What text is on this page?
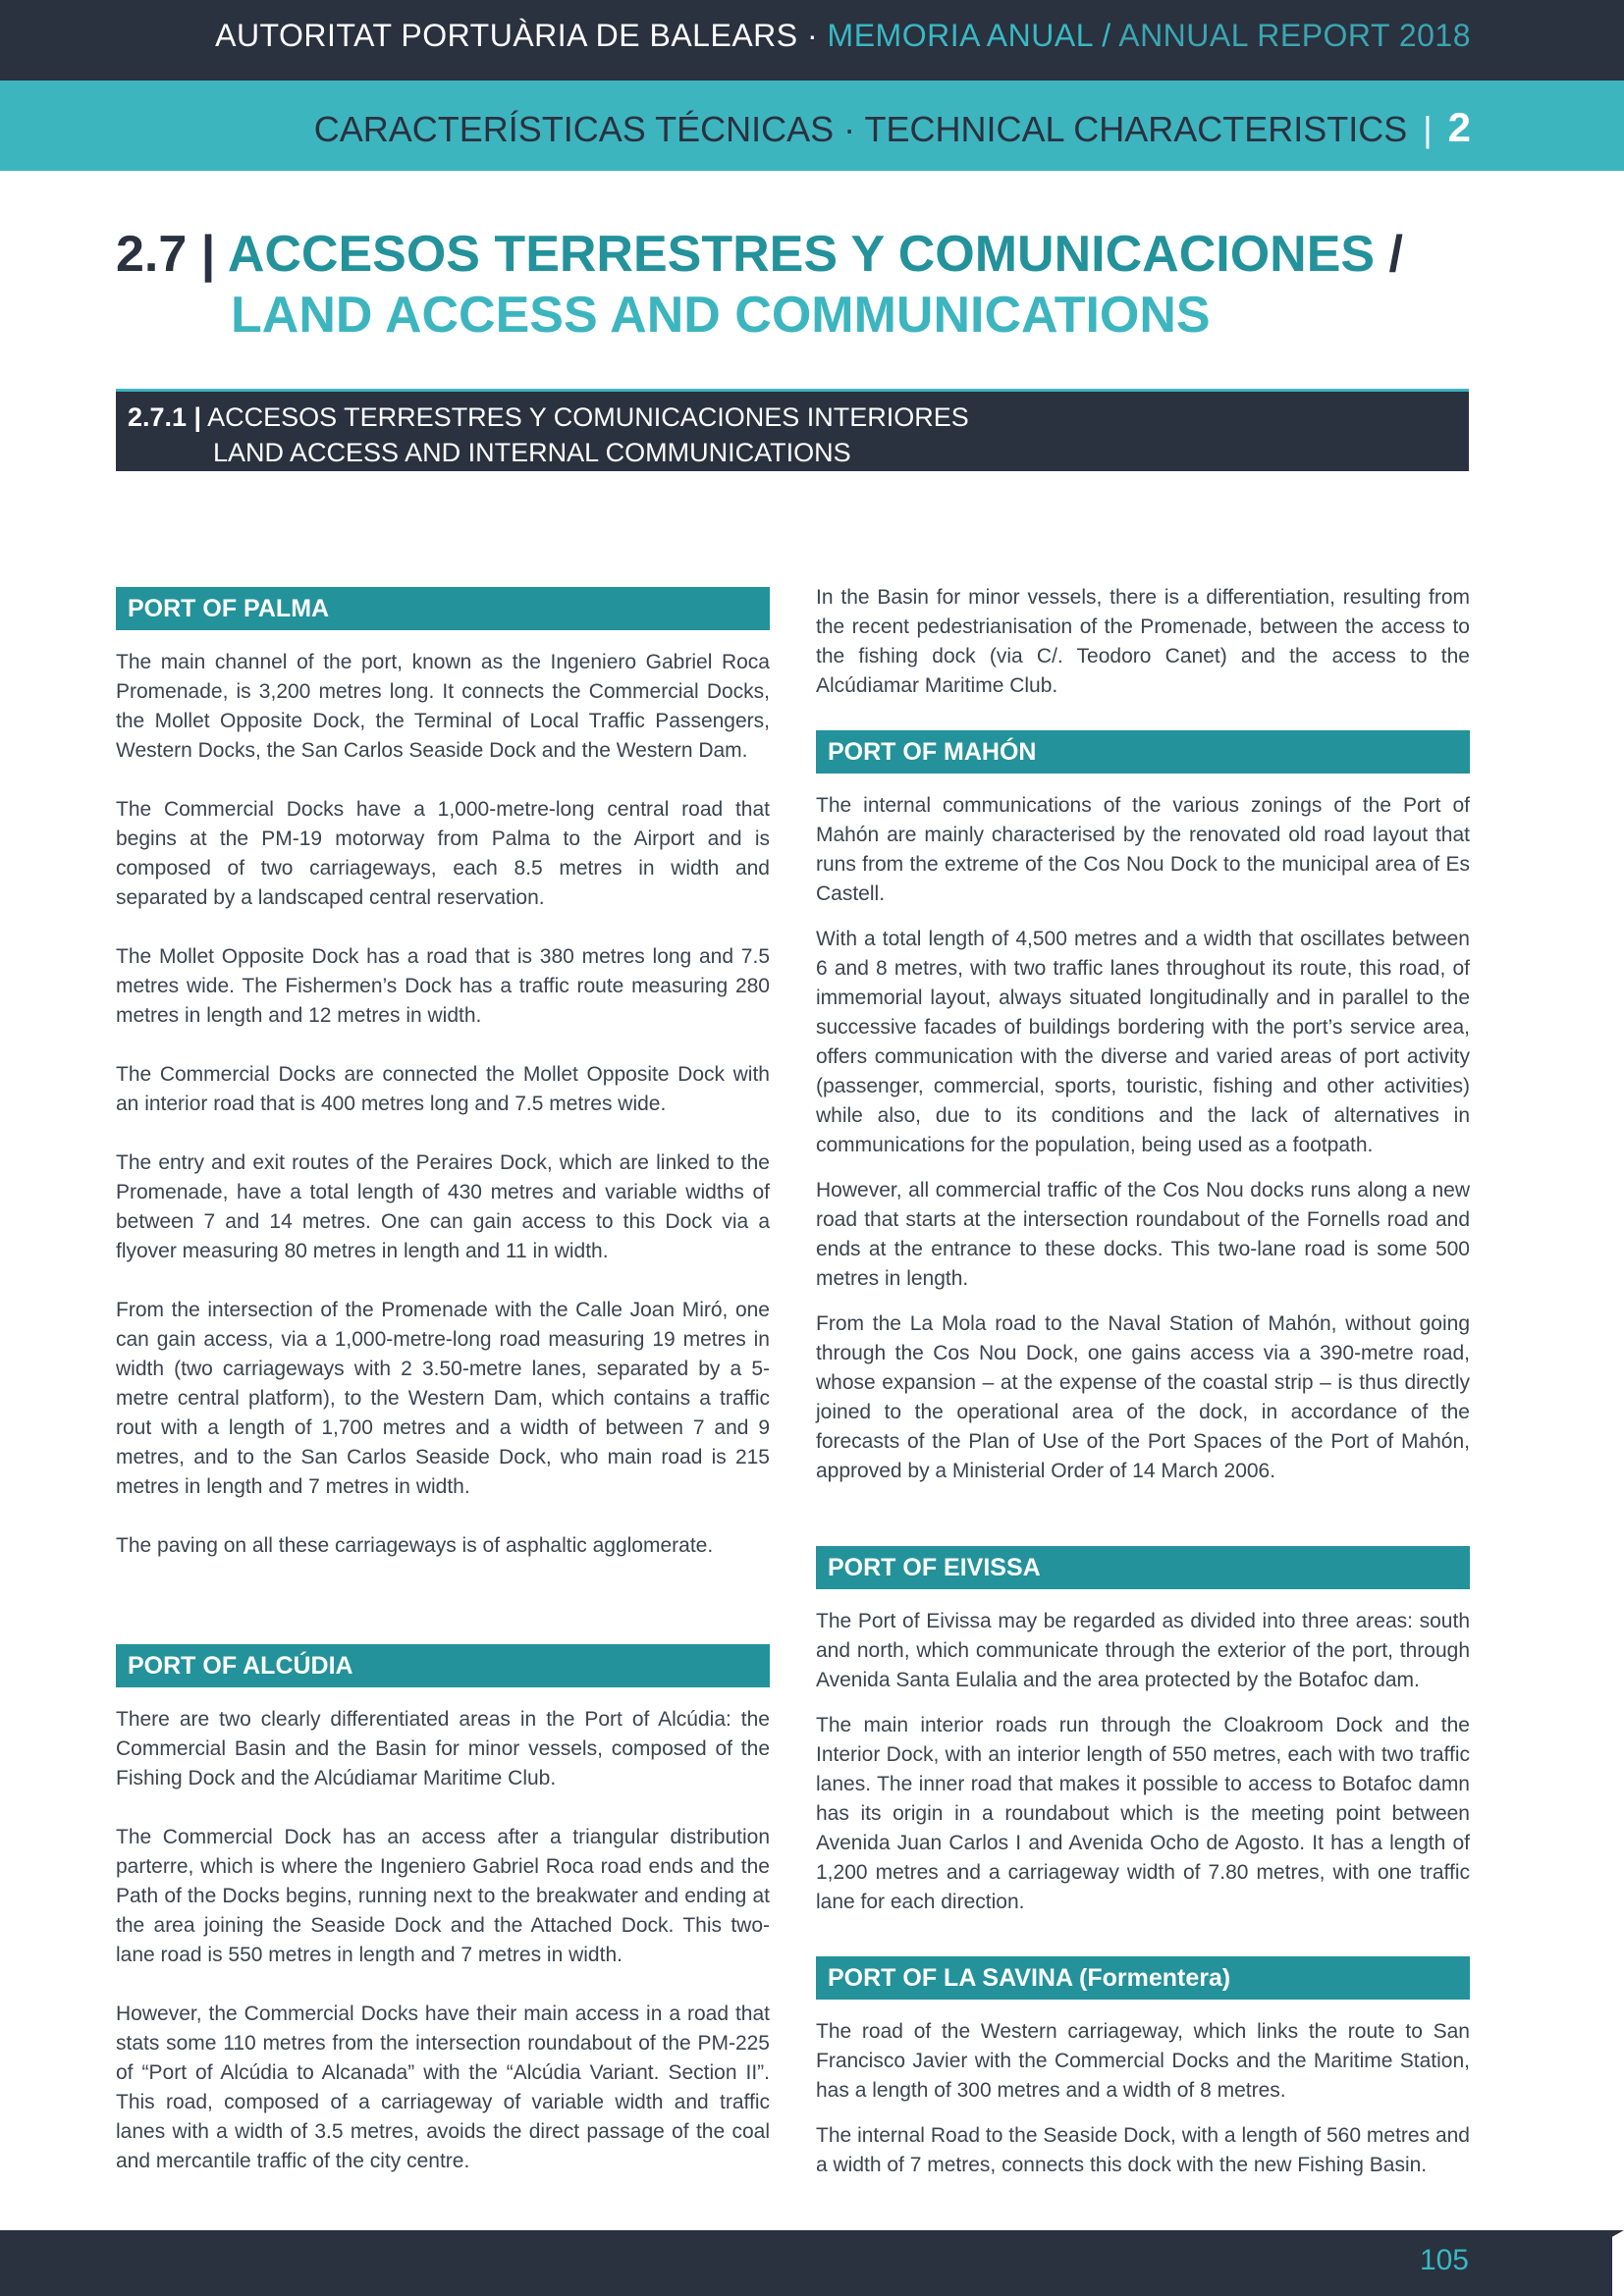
AUTORITAT PORTUÀRIA DE BALEARS · MEMORIA ANUAL / ANNUAL REPORT 2018
CARACTERÍSTICAS TÉCNICAS · TECHNICAL CHARACTERISTICS | 2
2.7 | ACCESOS TERRESTRES Y COMUNICACIONES /
LAND ACCESS AND COMMUNICATIONS
2.7.1 | ACCESOS TERRESTRES Y COMUNICACIONES INTERIORES
LAND ACCESS AND INTERNAL COMMUNICATIONS
PORT OF PALMA

The main channel of the port, known as the Ingeniero Gabriel Roca Promenade, is 3,200 metres long. It connects the Commercial Docks, the Mollet Opposite Dock, the Terminal of Local Traffic Passengers, Western Docks, the San Carlos Seaside Dock and the Western Dam.

The Commercial Docks have a 1,000-metre-long central road that begins at the PM-19 motorway from Palma to the Airport and is composed of two carriageways, each 8.5 metres in width and separated by a landscaped central reservation.

The Mollet Opposite Dock has a road that is 380 metres long and 7.5 metres wide. The Fishermen’s Dock has a traffic route measuring 280 metres in length and 12 metres in width.

The Commercial Docks are connected the Mollet Opposite Dock with an interior road that is 400 metres long and 7.5 metres wide.

The entry and exit routes of the Peraires Dock, which are linked to the Promenade, have a total length of 430 metres and variable widths of between 7 and 14 metres. One can gain access to this Dock via a flyover measuring 80 metres in length and 11 in width.

From the intersection of the Promenade with the Calle Joan Miró, one can gain access, via a 1,000-metre-long road measuring 19 metres in width (two carriageways with 2 3.50-metre lanes, separated by a 5-metre central platform), to the Western Dam, which contains a traffic rout with a length of 1,700 metres and a width of between 7 and 9 metres, and to the San Carlos Seaside Dock, who main road is 215 metres in length and 7 metres in width.

The paving on all these carriageways is of asphaltic agglomerate.

PORT OF ALCÚDIA

There are two clearly differentiated areas in the Port of Alcúdia: the Commercial Basin and the Basin for minor vessels, composed of the Fishing Dock and the Alcúdiamar Maritime Club.

The Commercial Dock has an access after a triangular distribution parterre, which is where the Ingeniero Gabriel Roca road ends and the Path of the Docks begins, running next to the breakwater and ending at the area joining the Seaside Dock and the Attached Dock. This two-lane road is 550 metres in length and 7 metres in width.

However, the Commercial Docks have their main access in a road that stats some 110 metres from the intersection roundabout of the PM-225 of “Port of Alcúdia to Alcanada” with the “Alcúdia Variant. Section II”. This road, composed of a carriageway of variable width and traffic lanes with a width of 3.5 metres, avoids the direct passage of the coal and mercantile traffic of the city centre.

In the Basin for minor vessels, there is a differentiation, resulting from the recent pedestrianisation of the Promenade, between the access to the fishing dock (via C/. Teodoro Canet) and the access to the Alcúdiamar Maritime Club.

PORT OF MAHÓN

The internal communications of the various zonings of the Port of Mahón are mainly characterised by the renovated old road layout that runs from the extreme of the Cos Nou Dock to the municipal area of Es Castell.

With a total length of 4,500 metres and a width that oscillates between 6 and 8 metres, with two traffic lanes throughout its route, this road, of immemorial layout, always situated longitudinally and in parallel to the successive facades of buildings bordering with the port’s service area, offers communication with the diverse and varied areas of port activity (passenger, commercial, sports, touristic, fishing and other activities) while also, due to its conditions and the lack of alternatives in communications for the population, being used as a footpath.

However, all commercial traffic of the Cos Nou docks runs along a new road that starts at the intersection roundabout of the Fornells road and ends at the entrance to these docks. This two-lane road is some 500 metres in length.

From the La Mola road to the Naval Station of Mahón, without going through the Cos Nou Dock, one gains access via a 390-metre road, whose expansion – at the expense of the coastal strip – is thus directly joined to the operational area of the dock, in accordance of the forecasts of the Plan of Use of the Port Spaces of the Port of Mahón, approved by a Ministerial Order of 14 March 2006.

PORT OF EIVISSA

The Port of Eivissa may be regarded as divided into three areas: south and north, which communicate through the exterior of the port, through Avenida Santa Eulalia and the area protected by the Botafoc dam.

The main interior roads run through the Cloakroom Dock and the Interior Dock, with an interior length of 550 metres, each with two traffic lanes. The inner road that makes it possible to access to Botafoc damn has its origin in a roundabout which is the meeting point between Avenida Juan Carlos I and Avenida Ocho de Agosto. It has a length of 1,200 metres and a carriageway width of 7.80 metres, with one traffic lane for each direction.

PORT OF LA SAVINA (Formentera)

The road of the Western carriageway, which links the route to San Francisco Javier with the Commercial Docks and the Maritime Station, has a length of 300 metres and a width of 8 metres.

The internal Road to the Seaside Dock, with a length of 560 metres and a width of 7 metres, connects this dock with the new Fishing Basin.

105
